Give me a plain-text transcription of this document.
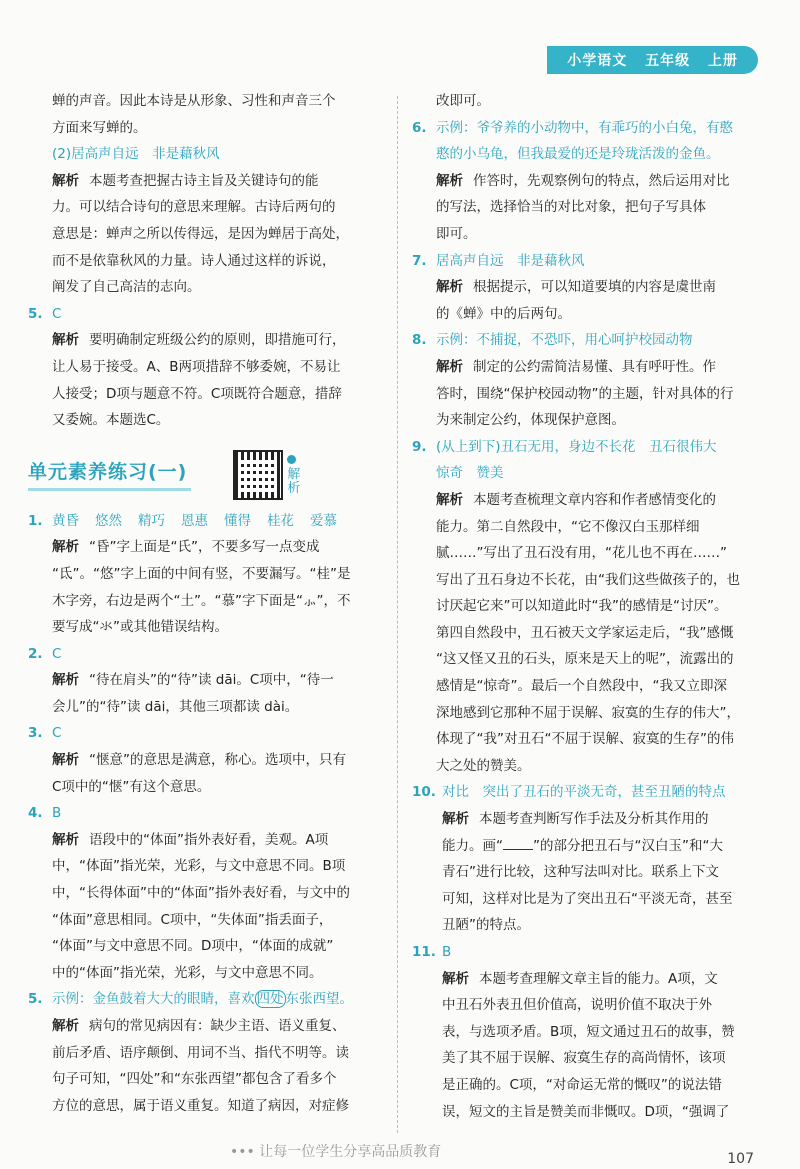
小学语文 五年级 上册

蝉的声音。因此本诗是从形象、习性和声音三个

方面来写蝉的。

(2)居高声自远　非是藉秋风

解析 本题考查把握古诗主旨及关键诗句的能

力。可以结合诗句的意思来理解。古诗后两句的

意思是：蝉声之所以传得远，是因为蝉居于高处，

而不是依靠秋风的力量。诗人通过这样的诉说，

阐发了自己高洁的志向。

5. C

解析 要明确制定班级公约的原则，即措施可行，

让人易于接受。A、B两项措辞不够委婉，不易让

人接受；D项与题意不符。C项既符合题意，措辞

又委婉。本题选C。

单元素养练习(一)	解
析
1. 黄昏 悠然 精巧 恩惠 懂得 桂花 爱慕

解析 “昏”字上面是“氏”，不要多写一点变成

“氐”。“悠”字上面的中间有竖，不要漏写。“桂”是

木字旁，右边是两个“土”。“慕”字下面是“⺗”，不

要写成“氺”或其他错误结构。

2. C

解析 “待在肩头”的“待”读 dāi。C项中，“待一

会儿”的“待”读 dāi，其他三项都读 dài。

3. C

解析 “惬意”的意思是满意，称心。选项中，只有

C项中的“惬”有这个意思。

4. B

解析 语段中的“体面”指外表好看，美观。A项

中，“体面”指光荣，光彩，与文中意思不同。B项

中，“长得体面”中的“体面”指外表好看，与文中的

“体面”意思相同。C项中，“失体面”指丢面子，

“体面”与文中意思不同。D项中，“体面的成就”

中的“体面”指光荣，光彩，与文中意思不同。

5. 示例：金鱼鼓着大大的眼睛，喜欢 四处 东张西望。

解析 病句的常见病因有：缺少主语、语义重复、

前后矛盾、语序颠倒、用词不当、指代不明等。读

句子可知，“四处”和“东张西望”都包含了看多个

方位的意思，属于语义重复。知道了病因，对症修

改即可。

6. 示例：爷爷养的小动物中，有乖巧的小白兔，有憨

憨的小乌龟，但我最爱的还是玲珑活泼的金鱼。

解析 作答时，先观察例句的特点，然后运用对比

的写法，选择恰当的对比对象，把句子写具体

即可。

7. 居高声自远　非是藉秋风

解析 根据提示，可以知道要填的内容是虞世南

的《蝉》中的后两句。

8. 示例：不捕捉，不恐吓，用心呵护校园动物

解析 制定的公约需简洁易懂、具有呼吁性。作

答时，围绕“保护校园动物”的主题，针对具体的行

为来制定公约，体现保护意图。

9. (从上到下)丑石无用，身边不长花　丑石很伟大

惊奇　赞美

解析 本题考查梳理文章内容和作者感情变化的

能力。第二自然段中，“它不像汉白玉那样细

腻……”写出了丑石没有用，“花儿也不再在……”

写出了丑石身边不长花，由“我们这些做孩子的，也

讨厌起它来”可以知道此时“我”的感情是“讨厌”。

第四自然段中，丑石被天文学家运走后，“我”感慨

“这又怪又丑的石头，原来是天上的呢”，流露出的

感情是“惊奇”。最后一个自然段中，“我又立即深

深地感到它那种不屈于误解、寂寞的生存的伟大”，

体现了“我”对丑石“不屈于误解、寂寞的生存”的伟

大之处的赞美。

10. 对比　突出了丑石的平淡无奇，甚至丑陋的特点

解析 本题考查判断写作手法及分析其作用的

能力。画“ ”的部分把丑石与“汉白玉”和“大

青石”进行比较，这种写法叫对比。联系上下文

可知，这样对比是为了突出丑石“平淡无奇，甚至

丑陋”的特点。

11. B

解析 本题考查理解文章主旨的能力。A项，文

中丑石外表丑但价值高，说明价值不取决于外

表，与选项矛盾。B项，短文通过丑石的故事，赞

美了其不屈于误解、寂寞生存的高尚情怀，该项

是正确的。C项，“对命运无常的慨叹”的说法错

误，短文的主旨是赞美而非慨叹。D项，“强调了

••• 让每一位学生分享高品质教育	107
